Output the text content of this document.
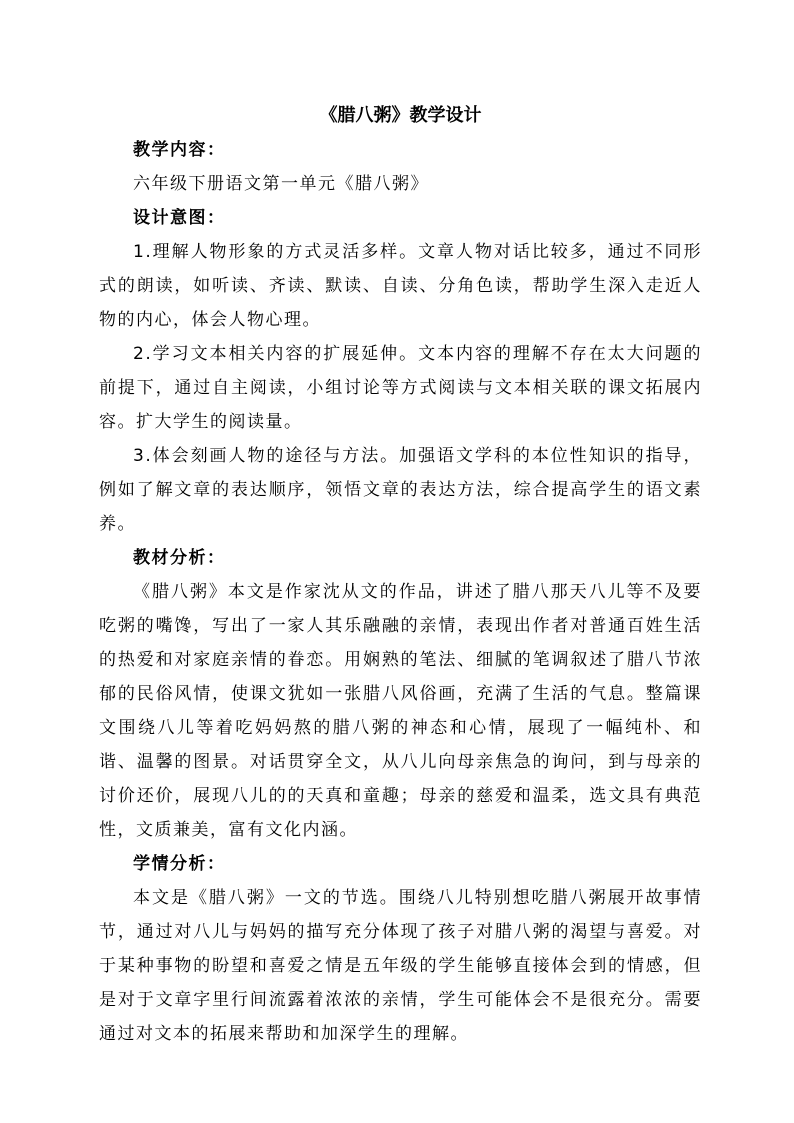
《腊八粥》教学设计

教学内容：

六年级下册语文第一单元《腊八粥》

设计意图：

1.理解人物形象的方式灵活多样。文章人物对话比较多，通过不同形式的朗读，如听读、齐读、默读、自读、分角色读，帮助学生深入走近人物的内心，体会人物心理。

2.学习文本相关内容的扩展延伸。文本内容的理解不存在太大问题的前提下，通过自主阅读，小组讨论等方式阅读与文本相关联的课文拓展内容。扩大学生的阅读量。

3.体会刻画人物的途径与方法。加强语文学科的本位性知识的指导，例如了解文章的表达顺序，领悟文章的表达方法，综合提高学生的语文素养。

教材分析：

《腊八粥》本文是作家沈从文的作品，讲述了腊八那天八儿等不及要吃粥的嘴馋，写出了一家人其乐融融的亲情，表现出作者对普通百姓生活的热爱和对家庭亲情的眷恋。用娴熟的笔法、细腻的笔调叙述了腊八节浓郁的民俗风情，使课文犹如一张腊八风俗画，充满了生活的气息。整篇课文围绕八儿等着吃妈妈熬的腊八粥的神态和心情，展现了一幅纯朴、和谐、温馨的图景。对话贯穿全文，从八儿向母亲焦急的询问，到与母亲的讨价还价，展现八儿的的天真和童趣；母亲的慈爱和温柔，选文具有典范性，文质兼美，富有文化内涵。

学情分析：

本文是《腊八粥》一文的节选。围绕八儿特别想吃腊八粥展开故事情节，通过对八儿与妈妈的描写充分体现了孩子对腊八粥的渴望与喜爱。对于某种事物的盼望和喜爱之情是五年级的学生能够直接体会到的情感，但是对于文章字里行间流露着浓浓的亲情，学生可能体会不是很充分。需要通过对文本的拓展来帮助和加深学生的理解。
